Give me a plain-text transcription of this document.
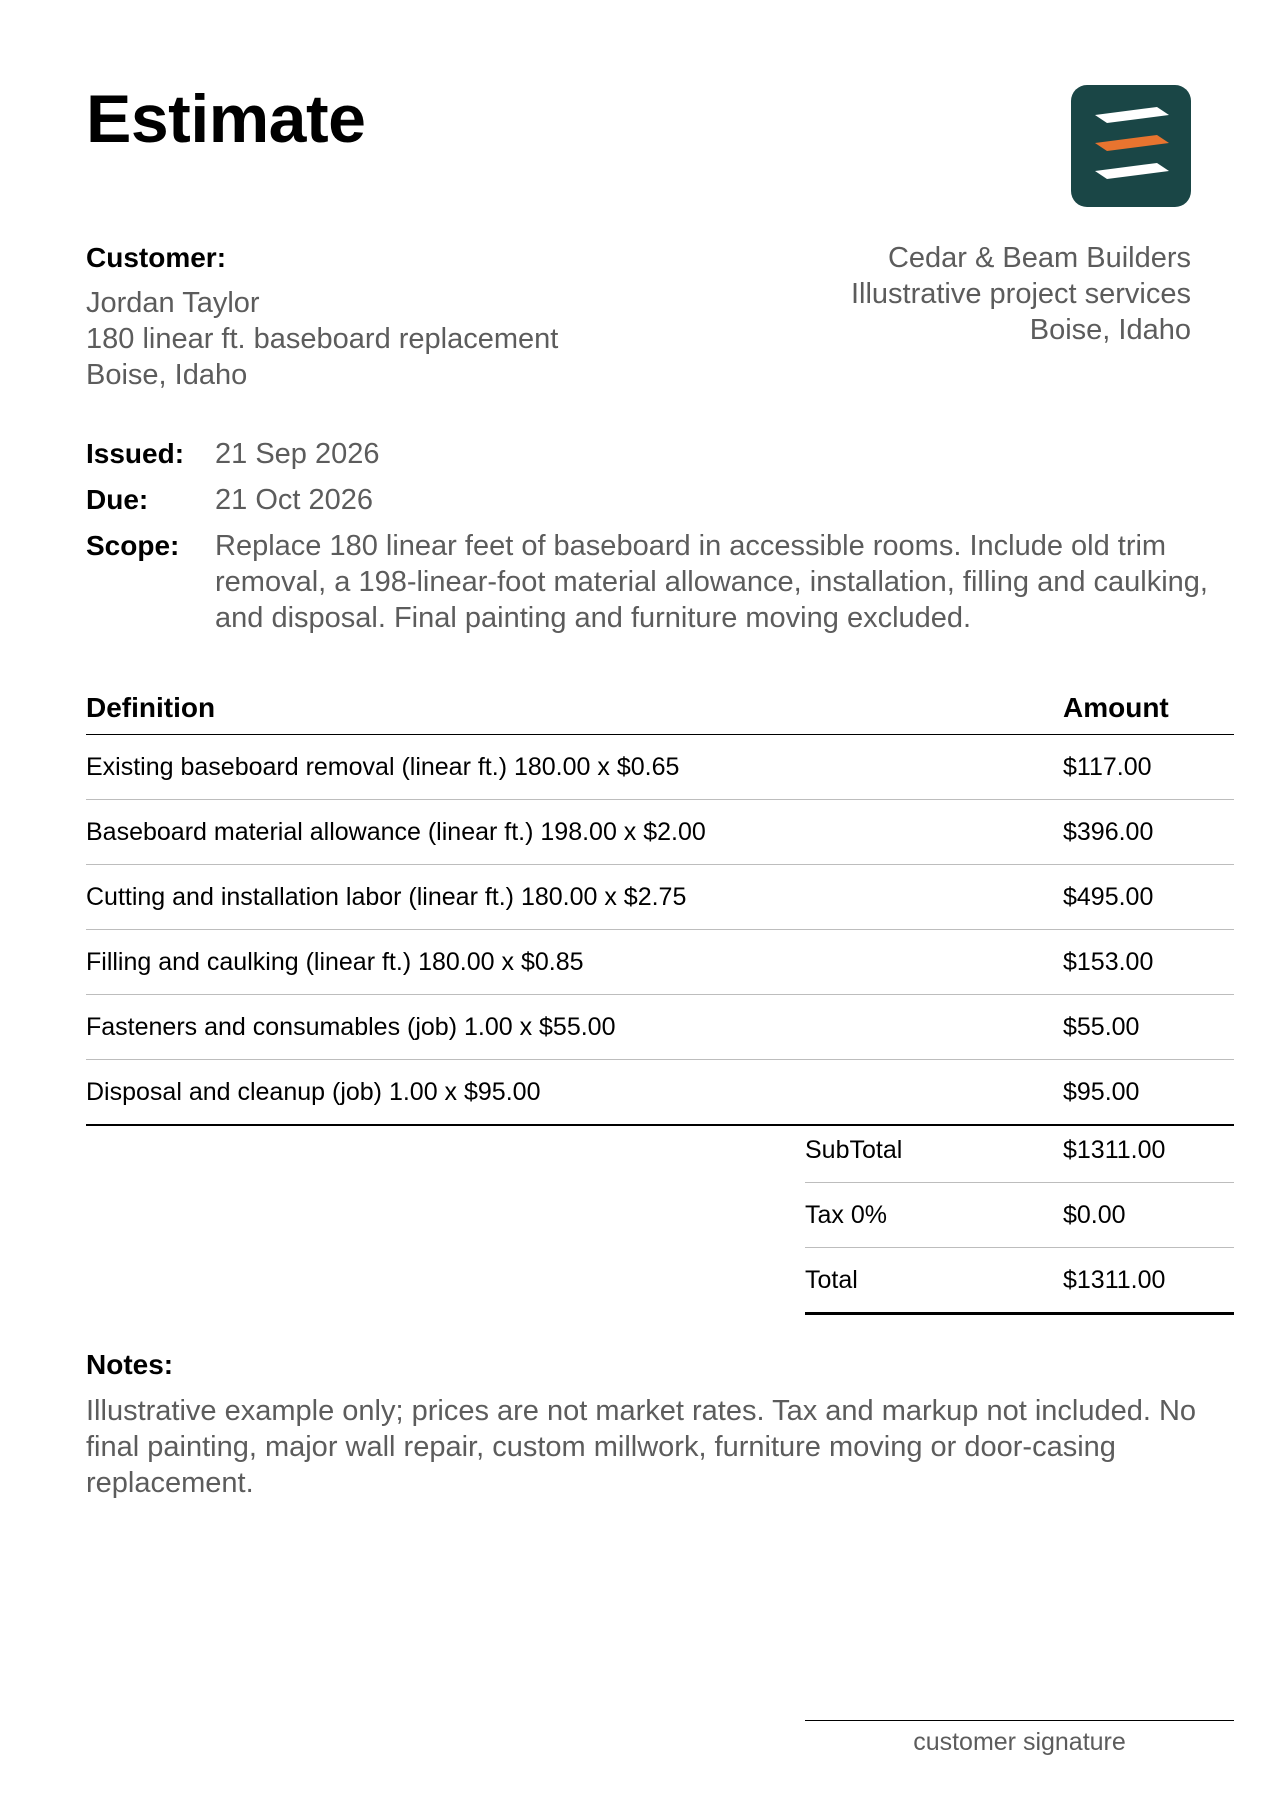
Estimate
Customer:
Jordan Taylor
180 linear ft. baseboard replacement
Boise, Idaho
Cedar & Beam Builders
Illustrative project services
Boise, Idaho
Issued:	21 Sep 2026
Due:	21 Oct 2026
Scope:	Replace 180 linear feet of baseboard in accessible rooms. Include old trim removal, a 198-linear-foot material allowance, installation, filling and caulking, and disposal. Final painting and furniture moving excluded.
Definition	Amount
Existing baseboard removal (linear ft.) 180.00 x $0.65	$117.00
Baseboard material allowance (linear ft.) 198.00 x $2.00	$396.00
Cutting and installation labor (linear ft.) 180.00 x $2.75	$495.00
Filling and caulking (linear ft.) 180.00 x $0.85	$153.00
Fasteners and consumables (job) 1.00 x $55.00	$55.00
Disposal and cleanup (job) 1.00 x $95.00	$95.00
SubTotal	$1311.00
Tax 0%	$0.00
Total	$1311.00
Notes:
Illustrative example only; prices are not market rates. Tax and markup not included. No final painting, major wall repair, custom millwork, furniture moving or door-casing replacement.
customer signature
